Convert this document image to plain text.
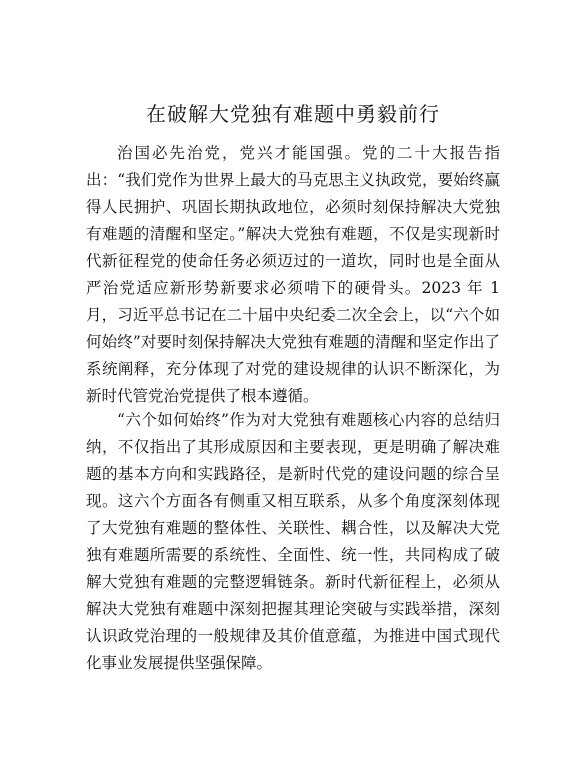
在破解大党独有难题中勇毅前行

治国必先治党，党兴才能国强。党的二十大报告指出：“我们党作为世界上最大的马克思主义执政党，要始终赢得人民拥护、巩固长期执政地位，必须时刻保持解决大党独有难题的清醒和坚定。”解决大党独有难题，不仅是实现新时代新征程党的使命任务必须迈过的一道坎，同时也是全面从严治党适应新形势新要求必须啃下的硬骨头。2023 年 1 月，习近平总书记在二十届中央纪委二次全会上，以“六个如何始终”对要时刻保持解决大党独有难题的清醒和坚定作出了系统阐释，充分体现了对党的建设规律的认识不断深化，为新时代管党治党提供了根本遵循。

“六个如何始终”作为对大党独有难题核心内容的总结归纳，不仅指出了其形成原因和主要表现，更是明确了解决难题的基本方向和实践路径，是新时代党的建设问题的综合呈现。这六个方面各有侧重又相互联系，从多个角度深刻体现了大党独有难题的整体性、关联性、耦合性，以及解决大党独有难题所需要的系统性、全面性、统一性，共同构成了破解大党独有难题的完整逻辑链条。新时代新征程上，必须从解决大党独有难题中深刻把握其理论突破与实践举措，深刻认识政党治理的一般规律及其价值意蕴，为推进中国式现代化事业发展提供坚强保障。
